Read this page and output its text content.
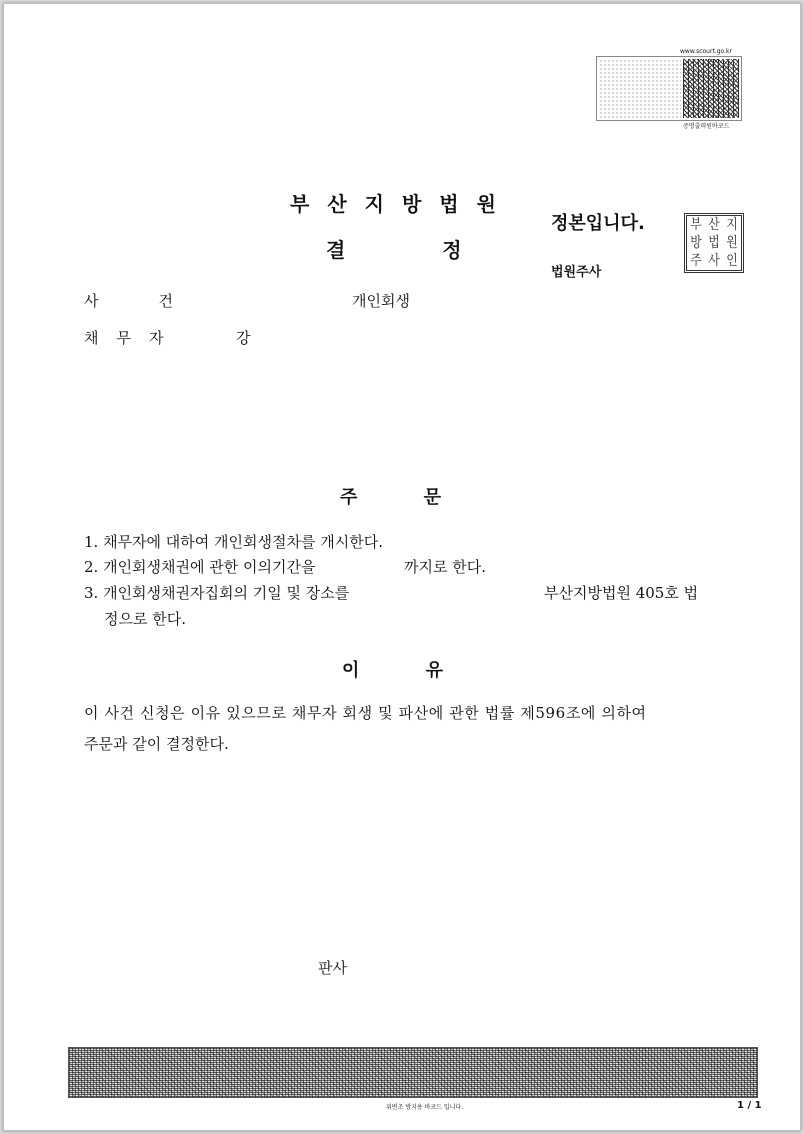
www.scourt.go.kr
증명출력원바코드
부산지방법원
결 정
정본입니다.
법원주사
부 산 지
방 법 원
주 사 인
사건	개인회생
채무자	강
주 문
1. 채무자에 대하여 개인회생절차를 개시한다.
2. 개인회생채권에 관한 이의기간을	까지로 한다.
3. 개인회생채권자집회의 기일 및 장소를	부산지방법원 405호 법
정으로 한다.
이 유
이 사건 신청은 이유 있으므로 채무자 회생 및 파산에 관한 법률 제596조에 의하여
주문과 같이 결정한다.
판사
위변조 방지용 바코드 입니다.	1 / 1
